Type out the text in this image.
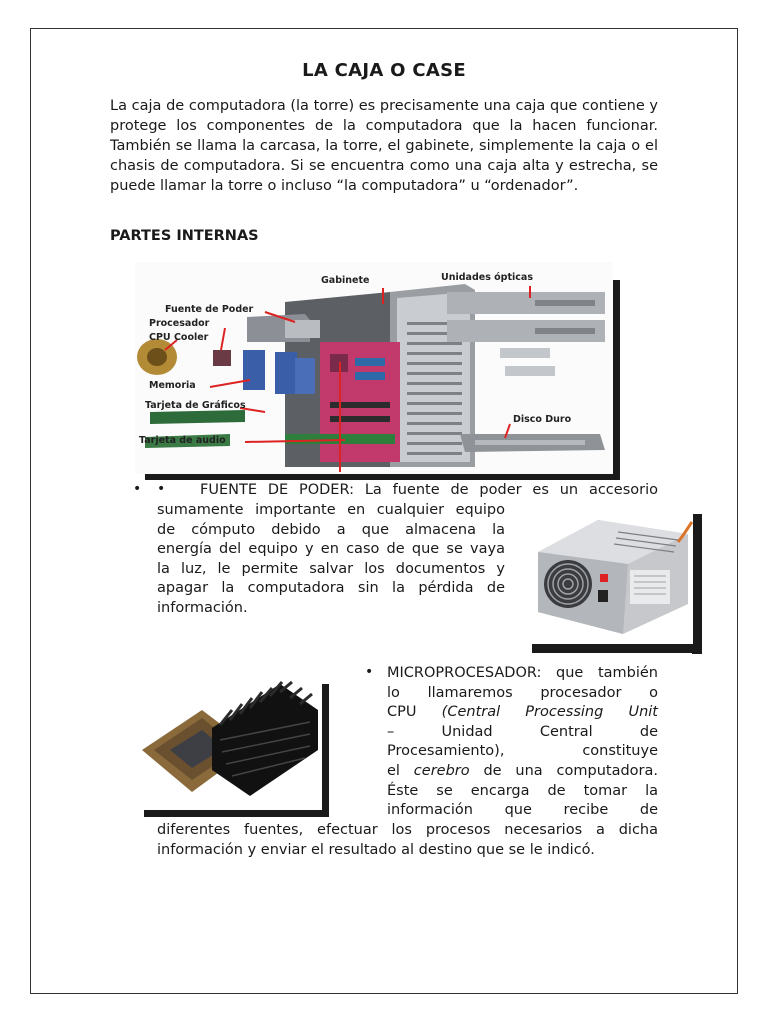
LA CAJA O CASE
La caja de computadora (la torre) es precisamente una caja que contiene y protege los componentes de la computadora que la hacen funcionar. También se llama la carcasa, la torre, el gabinete, simplemente la caja o el chasis de computadora. Si se encuentra como una caja alta y estrecha, se puede llamar la torre o incluso “la computadora” u “ordenador”.
PARTES INTERNAS
Gabinete	Unidades ópticas
Fuente de Poder
Procesador
CPU Cooler
Memoria
Tarjeta de Gráficos
Disco Duro
Tarjeta de audio
• • FUENTE DE PODER: La fuente de poder es un accesorio
sumamente importante en cualquier equipo
de cómputo debido a que almacena la
energía del equipo y en caso de que se vaya
la luz, le permite salvar los documentos y
apagar la computadora sin la pérdida de
información.
• MICROPROCESADOR: que también
lo llamaremos procesador o
CPU (Central Processing Unit
– Unidad Central de
Procesamiento), constituye
el cerebro de una computadora.
Éste se encarga de tomar la
información que recibe de
diferentes fuentes, efectuar los procesos necesarios a dicha
información y enviar el resultado al destino que se le indicó.
